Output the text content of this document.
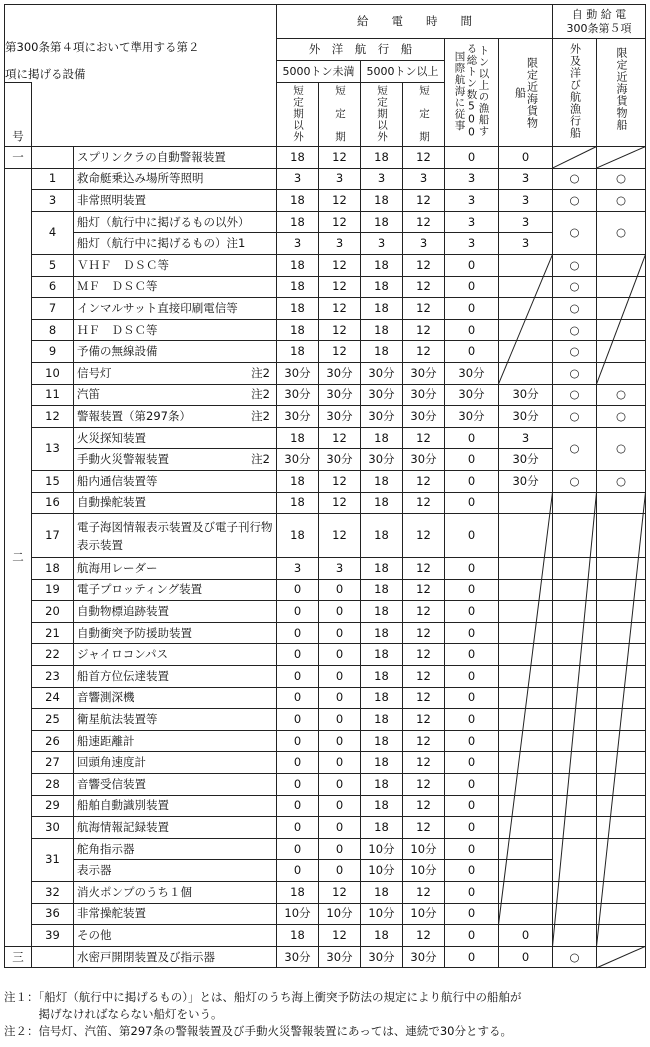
			給　　電　　時　　間						自 動 給 電
300条第５項	

第300条第４項において準用する第２
項に掲げる設備			外　洋　航　行　船				トン以上の漁船する総トン数500国際航海に従事	限定近海貨物船	外及洋び航漁行船	限定近海貨物船

			5000トン未満		5000トン以上					
号			短定期以外	短　定　期	短定期以外	短　定　期				

一		スプリンクラの自動警報装置	18	12	18	12	0	0		
二	1	救命艇乗込み場所等照明	3	3	3	3	3	3	○	○
	3	非常照明装置	18	12	18	12	3	3	○	○
	4	船灯（航行中に掲げるもの以外）	18	12	18	12	3	3	○	○
		船灯（航行中に掲げるもの）注1	3	3	3	3	3	3		
	5	ＶＨＦ　ＤＳＣ等	18	12	18	12	0		○	
	6	ＭＦ　ＤＳＣ等	18	12	18	12	0		○	
	7	インマルサット直接印刷電信等	18	12	18	12	0		○	
	8	ＨＦ　ＤＳＣ等	18	12	18	12	0		○	
	9	予備の無線設備	18	12	18	12	0		○	
	10	信号灯 注2	30分	30分	30分	30分	30分		○	
	11	汽笛 注2	30分	30分	30分	30分	30分	30分	○	○
	12	警報装置（第297条） 注2	30分	30分	30分	30分	30分	30分	○	○
	13	火災探知装置	18	12	18	12	0	3	○	○
		手動火災警報装置 注2	30分	30分	30分	30分	0	30分		
	15	船内通信装置等	18	12	18	12	0	30分	○	○
	16	自動操舵装置	18	12	18	12	0			
	17	電子海図情報表示装置及び電子刊行物表示装置	18	12	18	12	0			
	18	航海用レーダー	3	3	18	12	0			
	19	電子プロッティング装置	0	0	18	12	0			
	20	自動物標追跡装置	0	0	18	12	0			
	21	自動衝突予防援助装置	0	0	18	12	0			
	22	ジャイロコンパス	0	0	18	12	0			
	23	船首方位伝達装置	0	0	18	12	0			
	24	音響測深機	0	0	18	12	0			
	25	衛星航法装置等	0	0	18	12	0			
	26	船速距離計	0	0	18	12	0			
	27	回頭角速度計	0	0	18	12	0			
	28	音響受信装置	0	0	18	12	0			
	29	船舶自動識別装置	0	0	18	12	0			
	30	航海情報記録装置	0	0	18	12	0			
	31	舵角指示器	0	0	10分	10分	0			
		表示器	0	0	10分	10分	0			
	32	消火ポンプのうち１個	18	12	18	12	0			
	36	非常操舵装置	10分	10分	10分	10分	0			
	39	その他	18	12	18	12	0	0		
三		水密戸開閉装置及び指示器	30分	30分	30分	30分	0	0	○	
注１：「船灯（航行中に掲げるもの）」とは、船灯のうち海上衝突予防法の規定により航行中の船舶が
　　　掲げなければならない船灯をいう。
注２：信号灯、汽笛、第297条の警報装置及び手動火災警報装置にあっては、連続で30分とする。
